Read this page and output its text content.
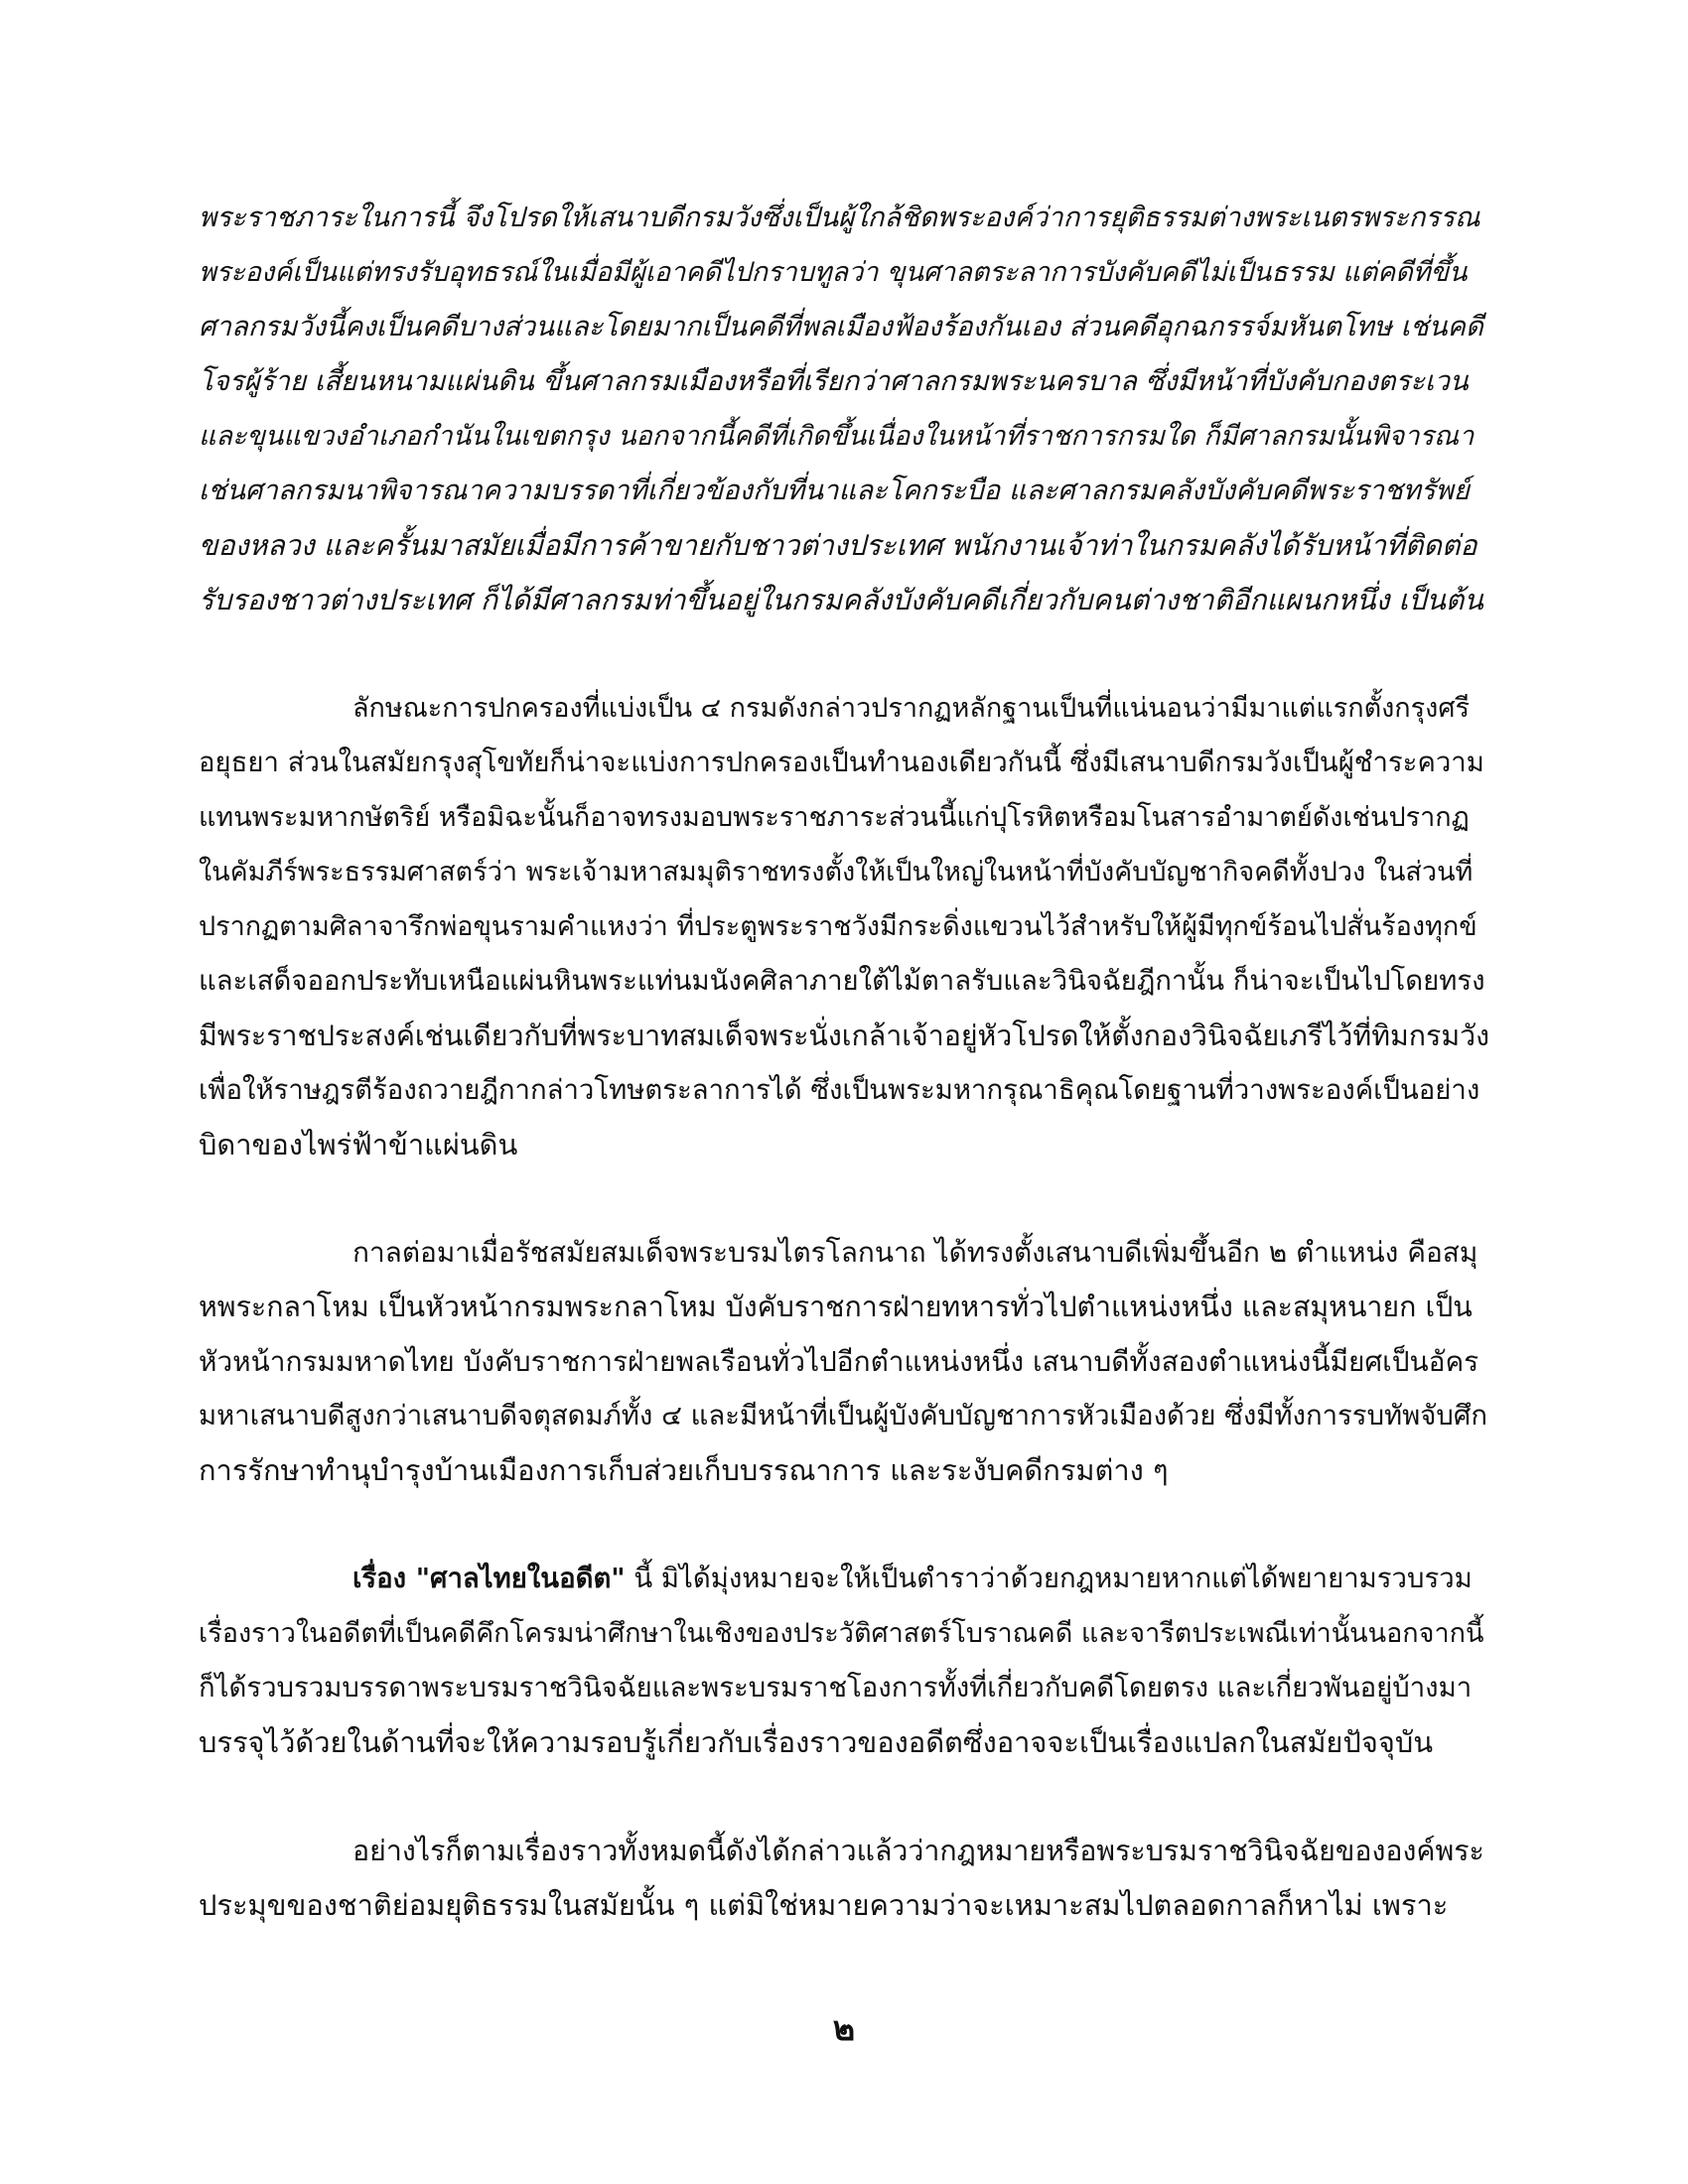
พระราชภาระในการนี้ จึงโปรดให้เสนาบดีกรมวังซึ่งเป็นผู้ใกล้ชิดพระองค์ว่าการยุติธรรมต่างพระเนตรพระกรรณ
พระองค์เป็นแต่ทรงรับอุทธรณ์ในเมื่อมีผู้เอาคดีไปกราบทูลว่า ขุนศาลตระลาการบังคับคดีไม่เป็นธรรม แต่คดีที่ขึ้น
ศาลกรมวังนี้คงเป็นคดีบางส่วนและโดยมากเป็นคดีที่พลเมืองฟ้องร้องกันเอง ส่วนคดีอุกฉกรรจ์มหันตโทษ เช่นคดี
โจรผู้ร้าย เสี้ยนหนามแผ่นดิน ขึ้นศาลกรมเมืองหรือที่เรียกว่าศาลกรมพระนครบาล ซึ่งมีหน้าที่บังคับกองตระเวน
และขุนแขวงอำเภอกำนันในเขตกรุง นอกจากนี้คดีที่เกิดขึ้นเนื่องในหน้าที่ราชการกรมใด ก็มีศาลกรมนั้นพิจารณา
เช่นศาลกรมนาพิจารณาความบรรดาที่เกี่ยวข้องกับที่นาและโคกระบือ และศาลกรมคลังบังคับคดีพระราชทรัพย์
ของหลวง และครั้นมาสมัยเมื่อมีการค้าขายกับชาวต่างประเทศ พนักงานเจ้าท่าในกรมคลังได้รับหน้าที่ติดต่อ
รับรองชาวต่างประเทศ ก็ได้มีศาลกรมท่าขึ้นอยู่ในกรมคลังบังคับคดีเกี่ยวกับคนต่างชาติอีกแผนกหนึ่ง เป็นต้น
ลักษณะการปกครองที่แบ่งเป็น ๔ กรมดังกล่าวปรากฏหลักฐานเป็นที่แน่นอนว่ามีมาแต่แรกตั้งกรุงศรี
อยุธยา ส่วนในสมัยกรุงสุโขทัยก็น่าจะแบ่งการปกครองเป็นทำนองเดียวกันนี้ ซึ่งมีเสนาบดีกรมวังเป็นผู้ชำระความ
แทนพระมหากษัตริย์ หรือมิฉะนั้นก็อาจทรงมอบพระราชภาระส่วนนี้แก่ปุโรหิตหรือมโนสารอำมาตย์ดังเช่นปรากฏ
ในคัมภีร์พระธรรมศาสตร์ว่า พระเจ้ามหาสมมุติราชทรงตั้งให้เป็นใหญ่ในหน้าที่บังคับบัญชากิจคดีทั้งปวง ในส่วนที่
ปรากฏตามศิลาจารึกพ่อขุนรามคำแหงว่า ที่ประตูพระราชวังมีกระดิ่งแขวนไว้สำหรับให้ผู้มีทุกข์ร้อนไปสั่นร้องทุกข์
และเสด็จออกประทับเหนือแผ่นหินพระแท่นมนังคศิลาภายใต้ไม้ตาลรับและวินิจฉัยฎีกานั้น ก็น่าจะเป็นไปโดยทรง
มีพระราชประสงค์เช่นเดียวกับที่พระบาทสมเด็จพระนั่งเกล้าเจ้าอยู่หัวโปรดให้ตั้งกองวินิจฉัยเภรีไว้ที่ทิมกรมวัง
เพื่อให้ราษฎรตีร้องถวายฎีกากล่าวโทษตระลาการได้ ซึ่งเป็นพระมหากรุณาธิคุณโดยฐานที่วางพระองค์เป็นอย่าง
บิดาของไพร่ฟ้าข้าแผ่นดิน
กาลต่อมาเมื่อรัชสมัยสมเด็จพระบรมไตรโลกนาถ ได้ทรงตั้งเสนาบดีเพิ่มขึ้นอีก ๒ ตำแหน่ง คือสมุ
หพระกลาโหม เป็นหัวหน้ากรมพระกลาโหม บังคับราชการฝ่ายทหารทั่วไปตำแหน่งหนึ่ง และสมุหนายก เป็น
หัวหน้ากรมมหาดไทย บังคับราชการฝ่ายพลเรือนทั่วไปอีกตำแหน่งหนึ่ง เสนาบดีทั้งสองตำแหน่งนี้มียศเป็นอัคร
มหาเสนาบดีสูงกว่าเสนาบดีจตุสดมภ์ทั้ง ๔ และมีหน้าที่เป็นผู้บังคับบัญชาการหัวเมืองด้วย ซึ่งมีทั้งการรบทัพจับศึก
การรักษาทำนุบำรุงบ้านเมืองการเก็บส่วยเก็บบรรณาการ และระงับคดีกรมต่าง ๆ
เรื่อง "ศาลไทยในอดีต" นี้ มิได้มุ่งหมายจะให้เป็นตำราว่าด้วยกฎหมายหากแต่ได้พยายามรวบรวม
เรื่องราวในอดีตที่เป็นคดีคึกโครมน่าศึกษาในเชิงของประวัติศาสตร์โบราณคดี และจารีตประเพณีเท่านั้นนอกจากนี้
ก็ได้รวบรวมบรรดาพระบรมราชวินิจฉัยและพระบรมราชโองการทั้งที่เกี่ยวกับคดีโดยตรง และเกี่ยวพันอยู่บ้างมา
บรรจุไว้ด้วยในด้านที่จะให้ความรอบรู้เกี่ยวกับเรื่องราวของอดีตซึ่งอาจจะเป็นเรื่องแปลกในสมัยปัจจุบัน
อย่างไรก็ตามเรื่องราวทั้งหมดนี้ดังได้กล่าวแล้วว่ากฎหมายหรือพระบรมราชวินิจฉัยขององค์พระ
ประมุขของชาติย่อมยุติธรรมในสมัยนั้น ๆ แต่มิใช่หมายความว่าจะเหมาะสมไปตลอดกาลก็หาไม่ เพราะ
๒
